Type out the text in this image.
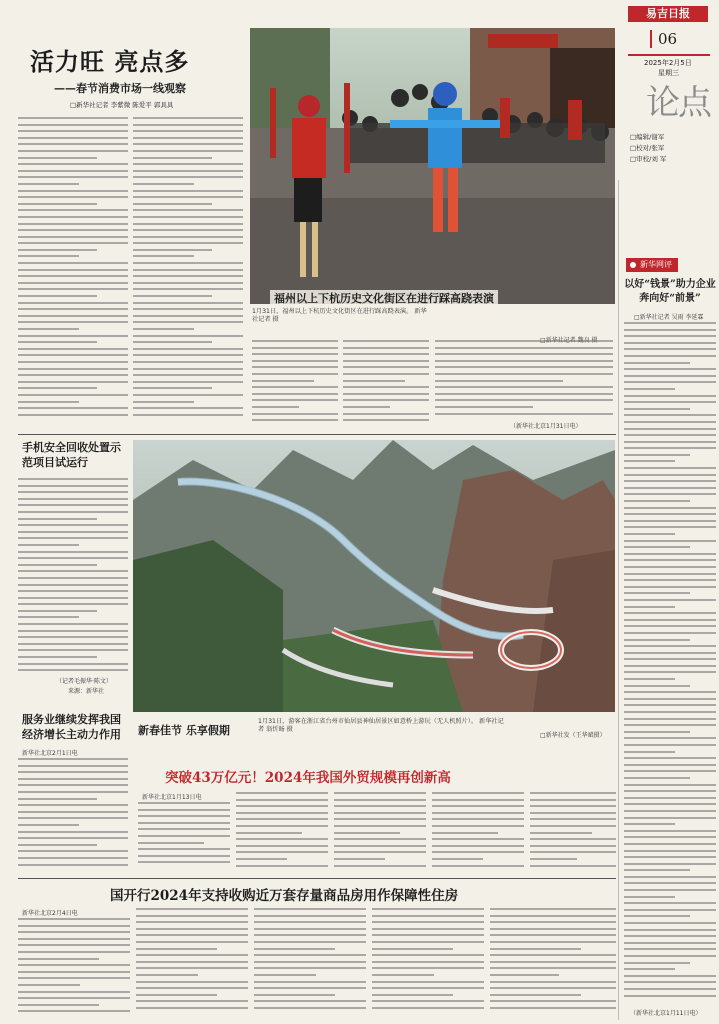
易吉日报
06
2025年2月5日
星期三
论点
□编辑/谢军
□校对/张军
□审校/刘 军
活力旺 亮点多
——春节消费市场一线观察
□新华社记者 李紫微 陈爱平 郭具具
福州以上下杭历史文化街区在进行踩高跷表演
1月31日，福州以上下杭历史文化街区在进行踩高跷表演。 新华社记者 摄
（新华社北京1月31日电）
手机安全回收处置示范项目试运行
（记者毛振华·陈文）
来源：新华社
新春佳节 乐享假期
1月31日，游客在浙江省台州市仙居县神仙居景区如意桥上游玩（无人机照片）。 新华社记者 翁忻旸 摄
□新华社发（王华斌摄）
服务业继续发挥我国经济增长主动力作用
新华社北京2月1日电
突破43万亿元！2024年我国外贸规模再创新高
新华社北京1月13日电
国开行2024年支持收购近万套存量商品房用作保障性住房
新华社北京2月4日电
新华网评
以好“钱景”助力企业奔向好“前景”
□新华社记者 吴雨 李延霖
（新华社北京1月11日电）
